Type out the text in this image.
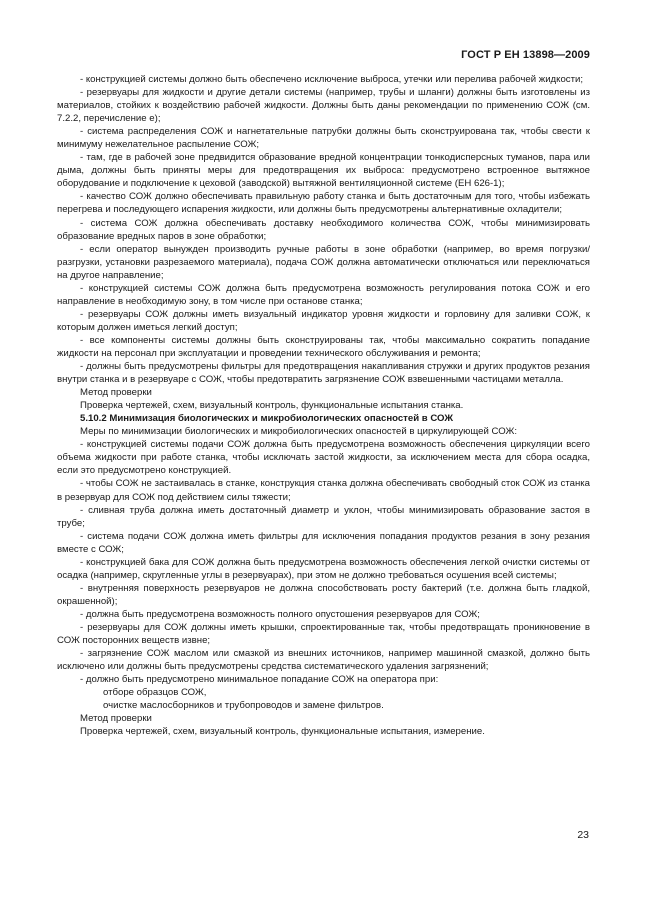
ГОСТ Р ЕН 13898—2009

- конструкцией системы должно быть обеспечено исключение выброса, утечки или перелива рабочей жидкости;

- резервуары для жидкости и другие детали системы (например, трубы и шланги) должны быть изготовлены из материалов, стойких к воздействию рабочей жидкости. Должны быть даны рекомендации по применению СОЖ (см. 7.2.2, перечисление е);

- система распределения СОЖ и нагнетательные патрубки должны быть сконструирована так, чтобы свести к минимуму нежелательное распыление СОЖ;

- там, где в рабочей зоне предвидится образование вредной концентрации тонкодисперсных туманов, пара или дыма, должны быть приняты меры для предотвращения их выброса: предусмотрено встроенное вытяжное оборудование и подключение к цеховой (заводской) вытяжной вентиляционной системе (ЕН 626-1);

- качество СОЖ должно обеспечивать правильную работу станка и быть достаточным для того, чтобы избежать перегрева и последующего испарения жидкости, или должны быть предусмотрены альтернативные охладители;

- система СОЖ должна обеспечивать доставку необходимого количества СОЖ, чтобы минимизировать образование вредных паров в зоне обработки;

- если оператор вынужден производить ручные работы в зоне обработки (например, во время погрузки/разгрузки, установки разрезаемого материала), подача СОЖ должна автоматически отключаться или переключаться на другое направление;

- конструкцией системы СОЖ должна быть предусмотрена возможность регулирования потока СОЖ и его направление в необходимую зону, в том числе при останове станка;

- резервуары СОЖ должны иметь визуальный индикатор уровня жидкости и горловину для заливки СОЖ, к которым должен иметься легкий доступ;

- все компоненты системы должны быть сконструированы так, чтобы максимально сократить попадание жидкости на персонал при эксплуатации и проведении технического обслуживания и ремонта;

- должны быть предусмотрены фильтры для предотвращения накапливания стружки и других продуктов резания внутри станка и в резервуаре с СОЖ, чтобы предотвратить загрязнение СОЖ взвешенными частицами металла.

Метод проверки

Проверка чертежей, схем, визуальный контроль, функциональные испытания станка.

5.10.2 Минимизация биологических и микробиологических опасностей в СОЖ

Меры по минимизации биологических и микробиологических опасностей в циркулирующей СОЖ:

- конструкцией системы подачи СОЖ должна быть предусмотрена возможность обеспечения циркуляции всего объема жидкости при работе станка, чтобы исключать застой жидкости, за исключением места для сбора осадка, если это предусмотрено конструкцией.

- чтобы СОЖ не застаивалась в станке, конструкция станка должна обеспечивать свободный сток СОЖ из станка в резервуар для СОЖ под действием силы тяжести;

- сливная труба должна иметь достаточный диаметр и уклон, чтобы минимизировать образование застоя в трубе;

- система подачи СОЖ должна иметь фильтры для исключения попадания продуктов резания в зону резания вместе с СОЖ;

- конструкцией бака для СОЖ должна быть предусмотрена возможность обеспечения легкой очистки системы от осадка (например, скругленные углы в резервуарах), при этом не должно требоваться осушения всей системы;

- внутренняя поверхность резервуаров не должна способствовать росту бактерий (т.е. должна быть гладкой, окрашенной);

- должна быть предусмотрена возможность полного опустошения резервуаров для СОЖ;

- резервуары для СОЖ должны иметь крышки, спроектированные так, чтобы предотвращать проникновение в СОЖ посторонних веществ извне;

- загрязнение СОЖ маслом или смазкой из внешних источников, например машинной смазкой, должно быть исключено или должны быть предусмотрены средства систематического удаления загрязнений;

- должно быть предусмотрено минимальное попадание СОЖ на оператора при:

отборе образцов СОЖ,

очистке маслосборников и трубопроводов и замене фильтров.

Метод проверки

Проверка чертежей, схем, визуальный контроль, функциональные испытания, измерение.

23
